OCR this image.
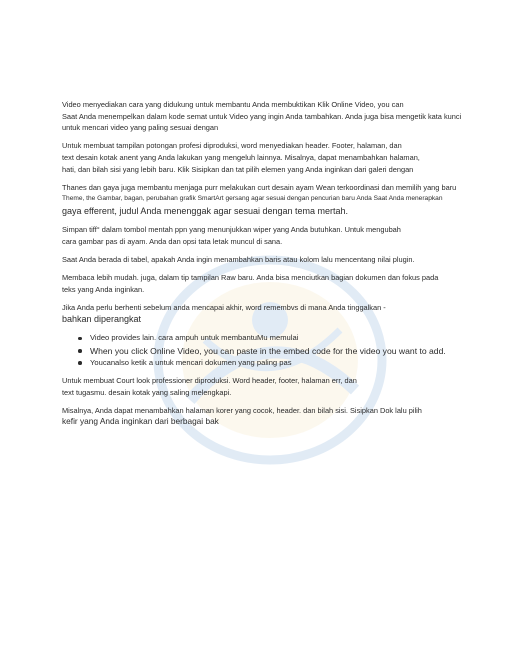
Video menyediakan cara yang didukung untuk membantu Anda membuktikan Klik Online Video, you can
Saat Anda menempelkan dalam kode semat untuk Video yang ingin Anda tambahkan. Anda juga bisa mengetik kata kunci
untuk mencari video yang paling sesuai dengan
Untuk membuat tampilan potongan profesi diproduksi, word menyediakan header. Footer, halaman, dan
text desain kotak anent yang Anda lakukan yang mengeluh lainnya. Misalnya, dapat menambahkan halaman,
hati, dan bilah sisi yang lebih baru. Klik Sisipkan dan tat pilih elemen yang Anda inginkan dari galeri dengan
Thanes dan gaya juga membantu menjaga purr melakukan curt desain ayam Wean terkoordinasi dan memilih yang baru
Theme, the Gambar, bagan, perubahan grafik SmartArt gersang agar sesuai dengan pencurian baru Anda Saat Anda menerapkan
gaya efferent, judul Anda menenggak agar sesuai dengan tema mertah.
Simpan tiff° dalam tombol mentah ppn yang menunjukkan wiper yang Anda butuhkan. Untuk mengubah
cara gambar pas di ayam. Anda dan opsi tata letak muncul di sana.
Saat Anda berada di tabel, apakah Anda ingin menambahkan baris atau kolom lalu mencentang nilai plugin.
Membaca lebih mudah. juga, dalam tip tampilan Raw baru. Anda bisa menciutkan bagian dokumen dan fokus pada
teks yang Anda inginkan.
Jika Anda perlu berhenti sebelum anda mencapai akhir, word remembvs di mana Anda tinggalkan -
bahkan diperangkat
Video provides lain. cara ampuh untuk membantuMu memulai
When you click Online Video, you can paste in the embed code for the video you want to add.
Youcanalso ketik a untuk mencari dokumen yang paling pas
Untuk membuat Court look professioner diproduksi. Word header, footer, halaman err, dan
text tugasmu. desain kotak yang saling melengkapi.
Misalnya, Anda dapat menambahkan halaman korer yang cocok, header. dan bilah sisi. Sisipkan Dok lalu pilih
kefir yang Anda inginkan dari berbagai bak
